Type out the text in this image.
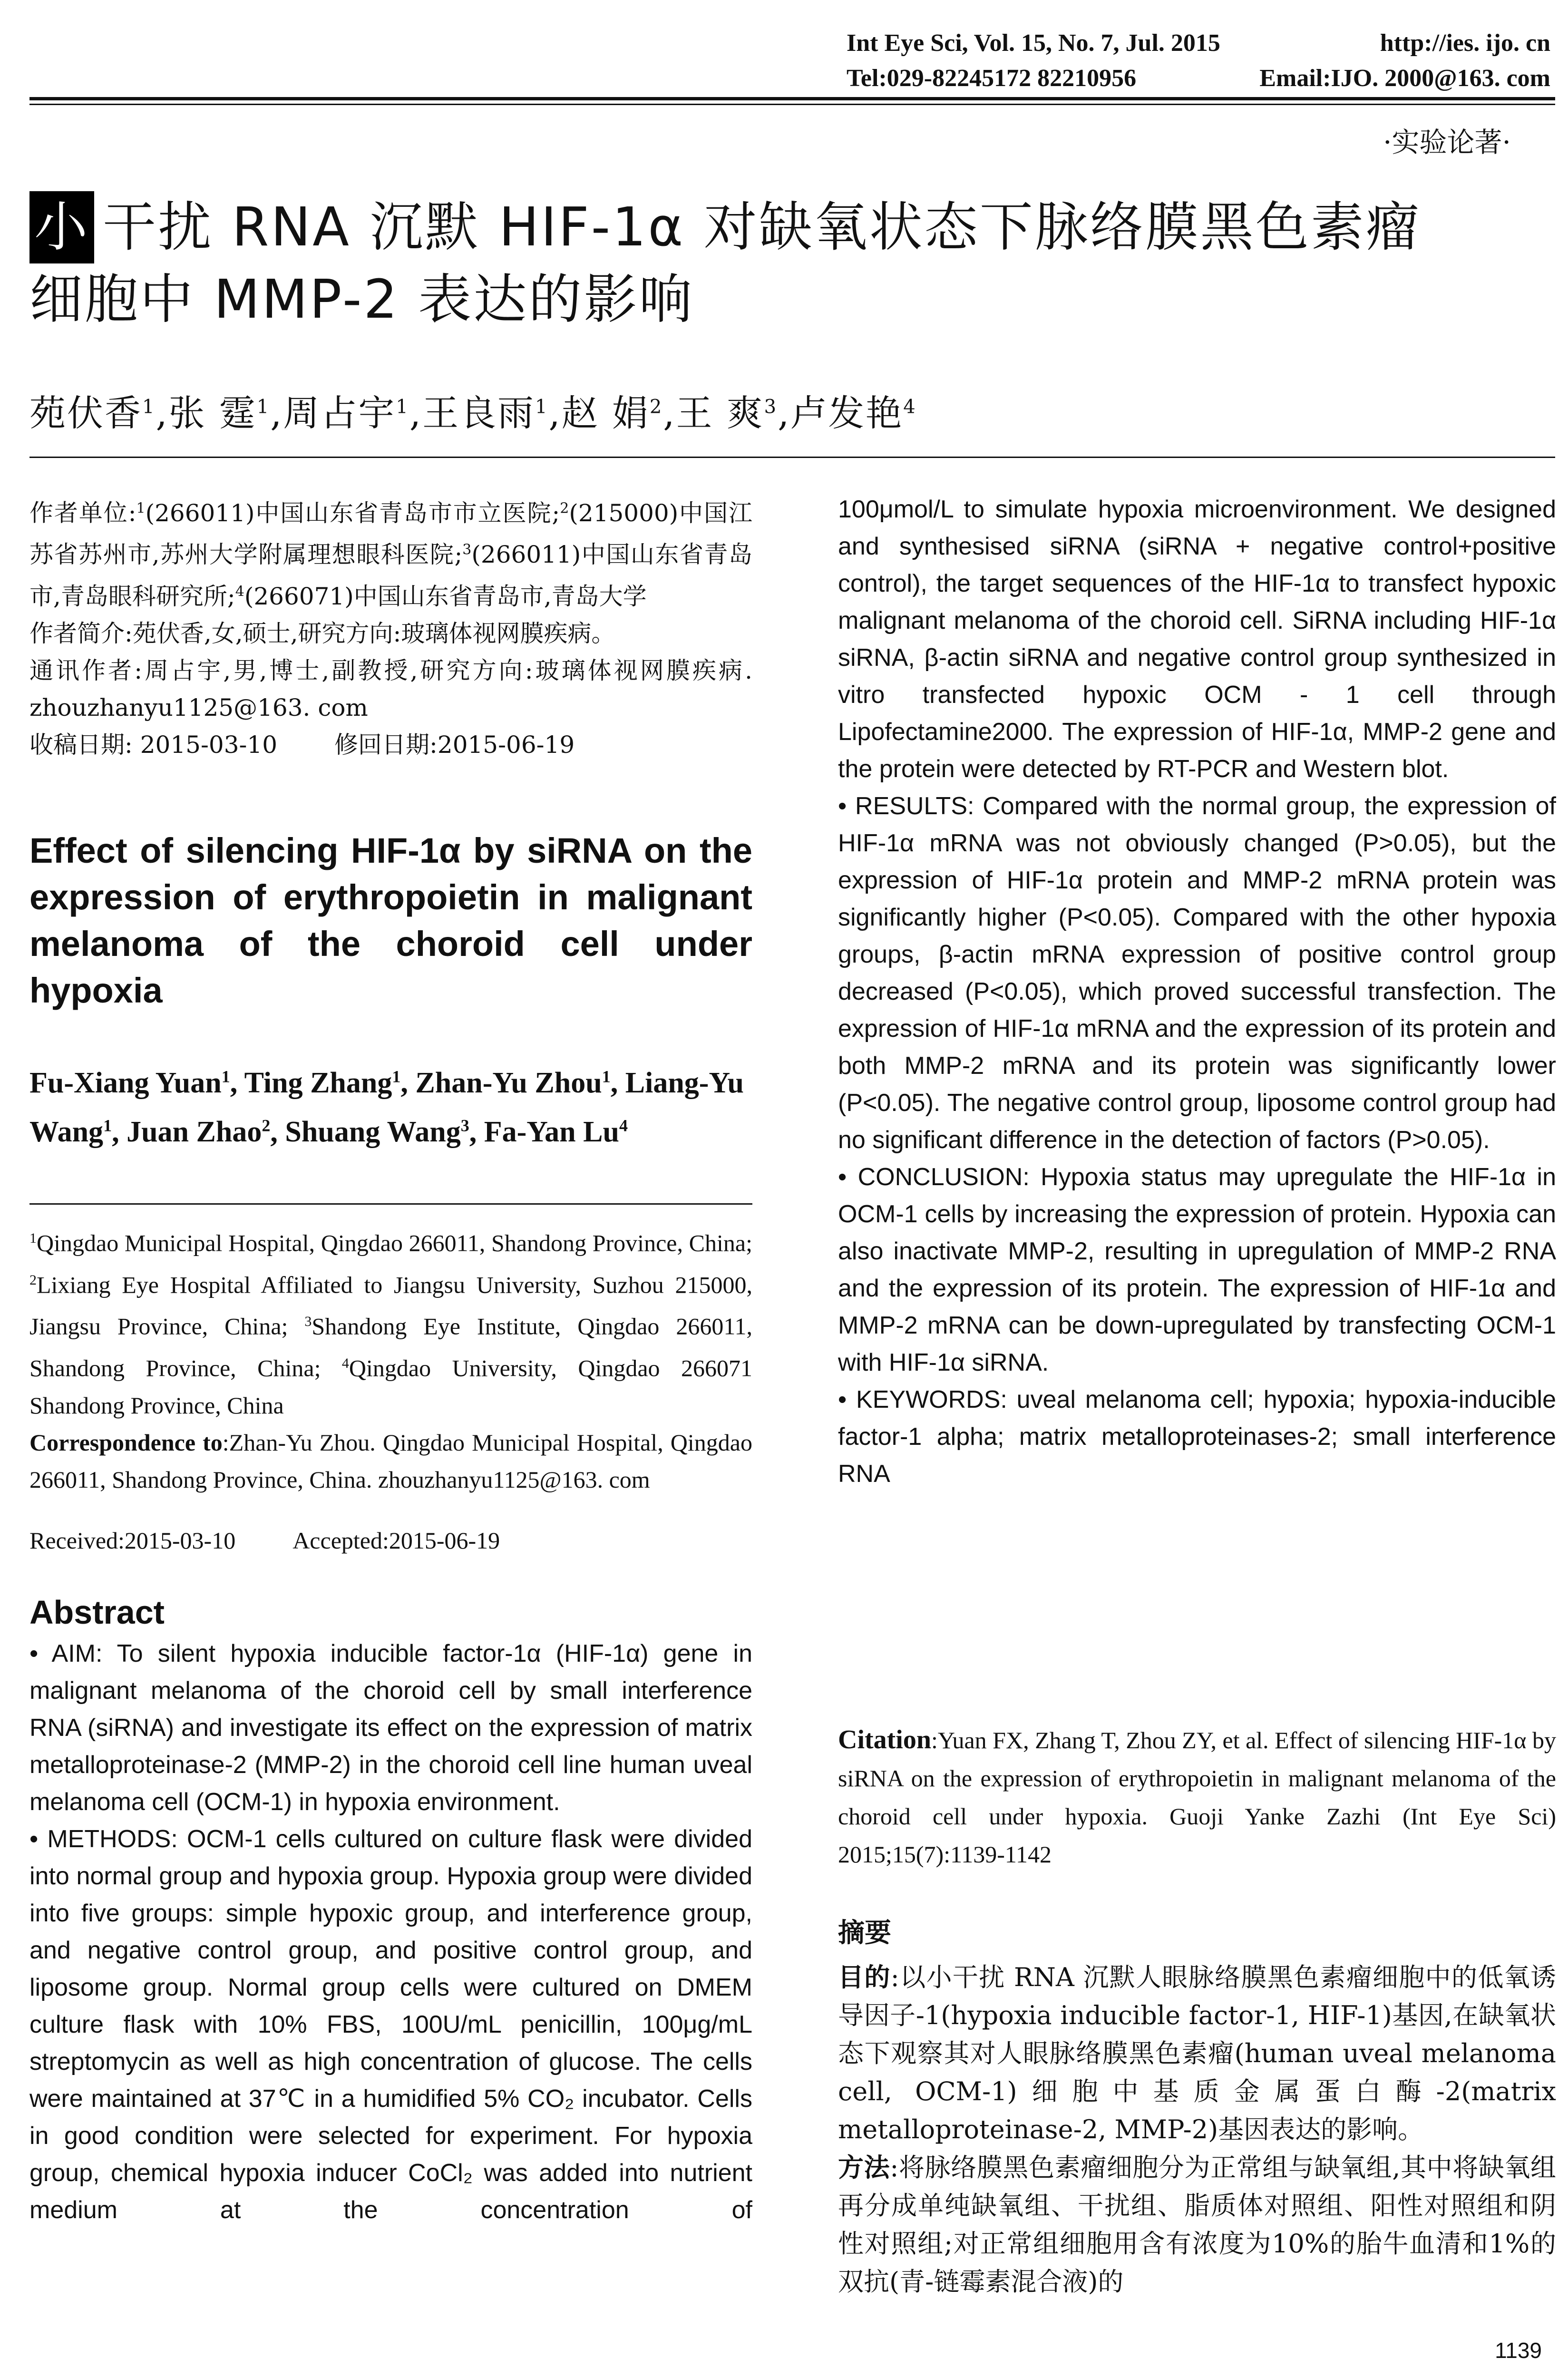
Int Eye Sci, Vol. 15, No. 7, Jul. 2015	http://ies. ijo. cn
Tel:029-82245172 82210956	Email:IJO. 2000@163. com
·实验论著·
小 干扰 RNA 沉默 HIF-1α 对缺氧状态下脉络膜黑色素瘤
细胞中 MMP-2 表达的影响
苑伏香$^1$,张 霆$^1$,周占宇$^1$,王良雨$^1$,赵 娟$^2$,王 爽$^3$,卢发艳$^4$
作者单位:$^1$(266011)中国山东省青岛市市立医院;$^2$(215000)中国江苏省苏州市,苏州大学附属理想眼科医院;$^3$(266011)中国山东省青岛市,青岛眼科研究所;$^4$(266071)中国山东省青岛市,青岛大学
作者简介:苑伏香,女,硕士,研究方向:玻璃体视网膜疾病。
通讯作者:周占宇,男,博士,副教授,研究方向:玻璃体视网膜疾病. zhouzhanyu1125@163. com
收稿日期: 2015-03-10 修回日期:2015-06-19
Effect of silencing HIF-1α by siRNA on the expression of erythropoietin in malignant melanoma of the choroid cell under hypoxia
Fu-Xiang Yuan$^1$, Ting Zhang$^1$, Zhan-Yu Zhou$^1$, Liang-Yu Wang$^1$, Juan Zhao$^2$, Shuang Wang$^3$, Fa-Yan Lu$^4$
$^1$Qingdao Municipal Hospital, Qingdao 266011, Shandong Province, China; $^2$Lixiang Eye Hospital Affiliated to Jiangsu University, Suzhou 215000, Jiangsu Province, China; $^3$Shandong Eye Institute, Qingdao 266011, Shandong Province, China; $^4$Qingdao University, Qingdao 266071 Shandong Province, China
Correspondence to:Zhan-Yu Zhou. Qingdao Municipal Hospital, Qingdao 266011, Shandong Province, China. zhouzhanyu1125@163. com
Received:2015-03-10 Accepted:2015-06-19
Abstract
• AIM: To silent hypoxia inducible factor-1α (HIF-1α) gene in malignant melanoma of the choroid cell by small interference RNA (siRNA) and investigate its effect on the expression of matrix metalloproteinase-2 (MMP-2) in the choroid cell line human uveal melanoma cell (OCM-1) in hypoxia environment.
• METHODS: OCM-1 cells cultured on culture flask were divided into normal group and hypoxia group. Hypoxia group were divided into five groups: simple hypoxic group, and interference group, and negative control group, and positive control group, and liposome group. Normal group cells were cultured on DMEM culture flask with 10% FBS, 100U/mL penicillin, 100μg/mL streptomycin as well as high concentration of glucose. The cells were maintained at 37℃ in a humidified 5% CO₂ incubator. Cells in good condition were selected for experiment. For hypoxia group, chemical hypoxia inducer CoCl₂ was added into nutrient medium at the concentration of
100μmol/L to simulate hypoxia microenvironment. We designed and synthesised siRNA (siRNA + negative control+positive control), the target sequences of the HIF-1α to transfect hypoxic malignant melanoma of the choroid cell. SiRNA including HIF-1α siRNA, β-actin siRNA and negative control group synthesized in vitro transfected hypoxic OCM - 1 cell through Lipofectamine2000. The expression of HIF-1α, MMP-2 gene and the protein were detected by RT-PCR and Western blot.
• RESULTS: Compared with the normal group, the expression of HIF-1α mRNA was not obviously changed (P>0.05), but the expression of HIF-1α protein and MMP-2 mRNA protein was significantly higher (P<0.05). Compared with the other hypoxia groups, β-actin mRNA expression of positive control group decreased (P<0.05), which proved successful transfection. The expression of HIF-1α mRNA and the expression of its protein and both MMP-2 mRNA and its protein was significantly lower (P<0.05). The negative control group, liposome control group had no significant difference in the detection of factors (P>0.05).
• CONCLUSION: Hypoxia status may upregulate the HIF-1α in OCM-1 cells by increasing the expression of protein. Hypoxia can also inactivate MMP-2, resulting in upregulation of MMP-2 RNA and the expression of its protein. The expression of HIF-1α and MMP-2 mRNA can be down-upregulated by transfecting OCM-1 with HIF-1α siRNA.
• KEYWORDS: uveal melanoma cell; hypoxia; hypoxia-inducible factor-1 alpha; matrix metalloproteinases-2; small interference RNA
Citation:Yuan FX, Zhang T, Zhou ZY, et al. Effect of silencing HIF-1α by siRNA on the expression of erythropoietin in malignant melanoma of the choroid cell under hypoxia. Guoji Yanke Zazhi (Int Eye Sci) 2015;15(7):1139-1142
摘要
目的:以小干扰 RNA 沉默人眼脉络膜黑色素瘤细胞中的低氧诱导因子-1(hypoxia inducible factor-1, HIF-1)基因,在缺氧状态下观察其对人眼脉络膜黑色素瘤(human uveal melanoma cell, OCM-1)细胞中基质金属蛋白酶-2(matrix metalloproteinase-2, MMP-2)基因表达的影响。
方法:将脉络膜黑色素瘤细胞分为正常组与缺氧组,其中将缺氧组再分成单纯缺氧组、干扰组、脂质体对照组、阳性对照组和阴性对照组;对正常组细胞用含有浓度为10%的胎牛血清和1%的双抗(青-链霉素混合液)的
1139
